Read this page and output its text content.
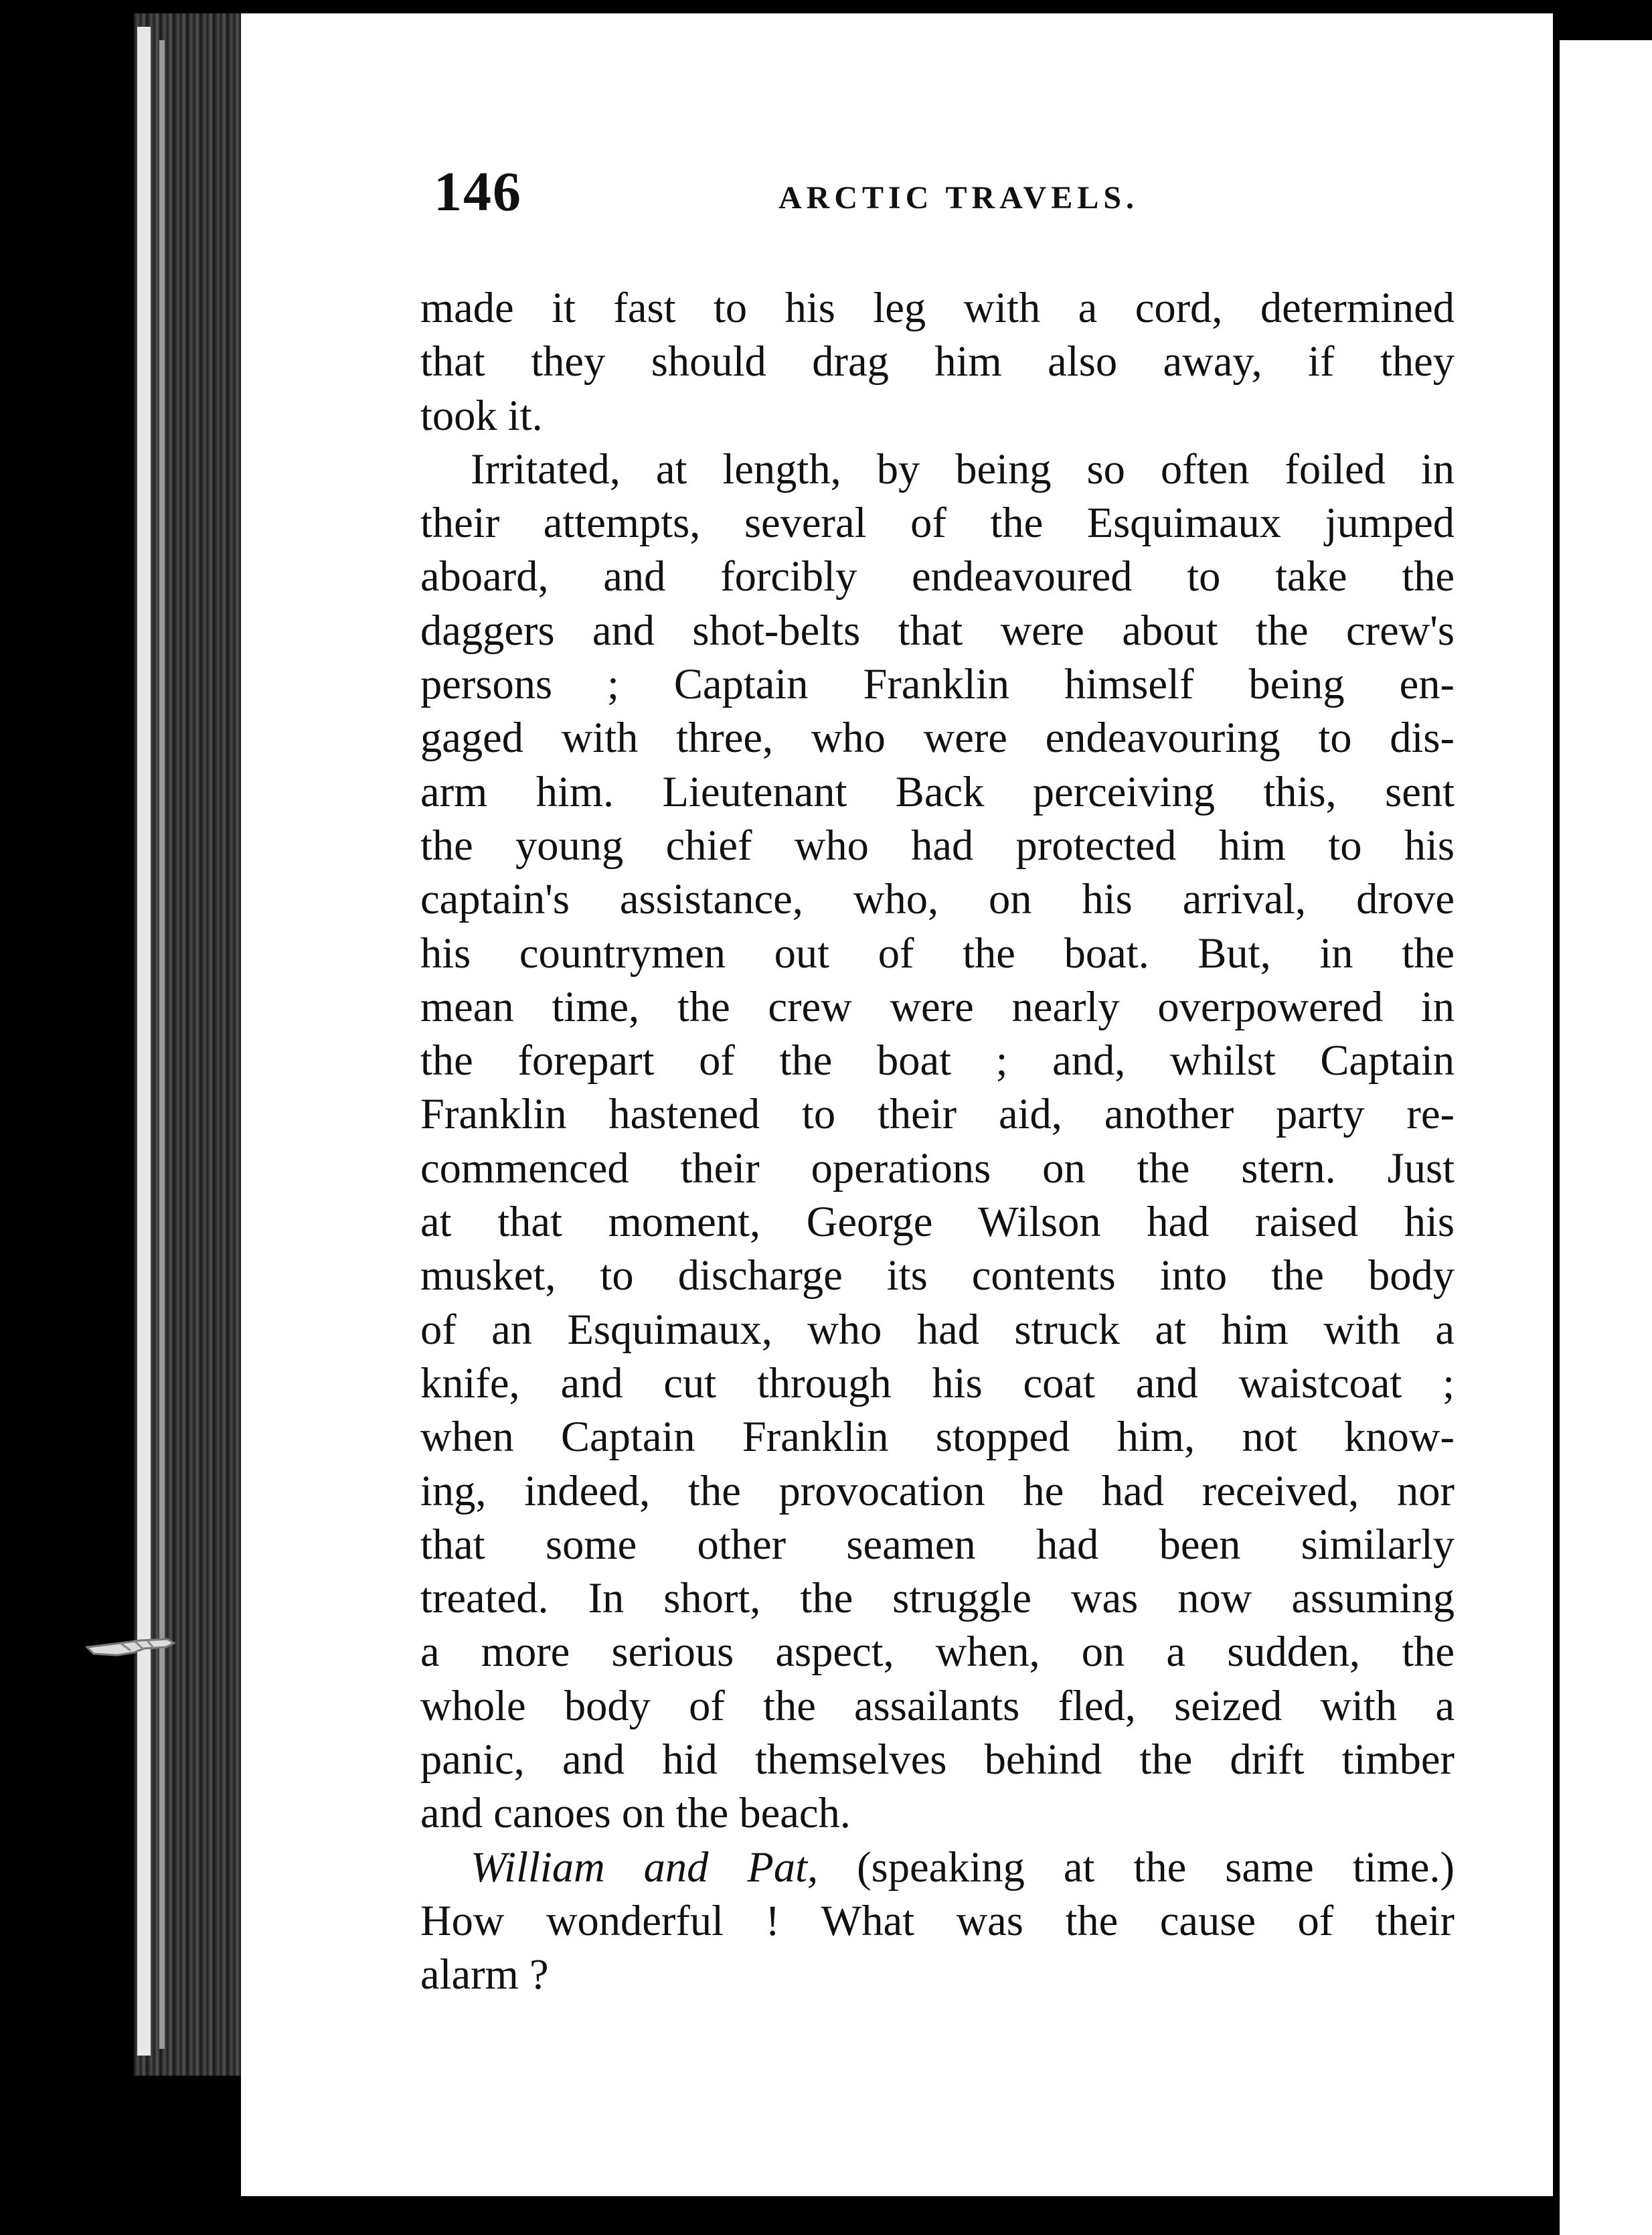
146	ARCTIC TRAVELS.
made it fast to his leg with a cord, determined
that they should drag him also away, if they
took it.
Irritated, at length, by being so often foiled in
their attempts, several of the Esquimaux jumped
aboard, and forcibly endeavoured to take the
daggers and shot-belts that were about the crew's
persons ; Captain Franklin himself being en-
gaged with three, who were endeavouring to dis-
arm him. Lieutenant Back perceiving this, sent
the young chief who had protected him to his
captain's assistance, who, on his arrival, drove
his countrymen out of the boat. But, in the
mean time, the crew were nearly overpowered in
the forepart of the boat ; and, whilst Captain
Franklin hastened to their aid, another party re-
commenced their operations on the stern. Just
at that moment, George Wilson had raised his
musket, to discharge its contents into the body
of an Esquimaux, who had struck at him with a
knife, and cut through his coat and waistcoat ;
when Captain Franklin stopped him, not know-
ing, indeed, the provocation he had received, nor
that some other seamen had been similarly
treated. In short, the struggle was now assuming
a more serious aspect, when, on a sudden, the
whole body of the assailants fled, seized with a
panic, and hid themselves behind the drift timber
and canoes on the beach.
William and Pat, (speaking at the same time.)
How wonderful ! What was the cause of their
alarm ?
